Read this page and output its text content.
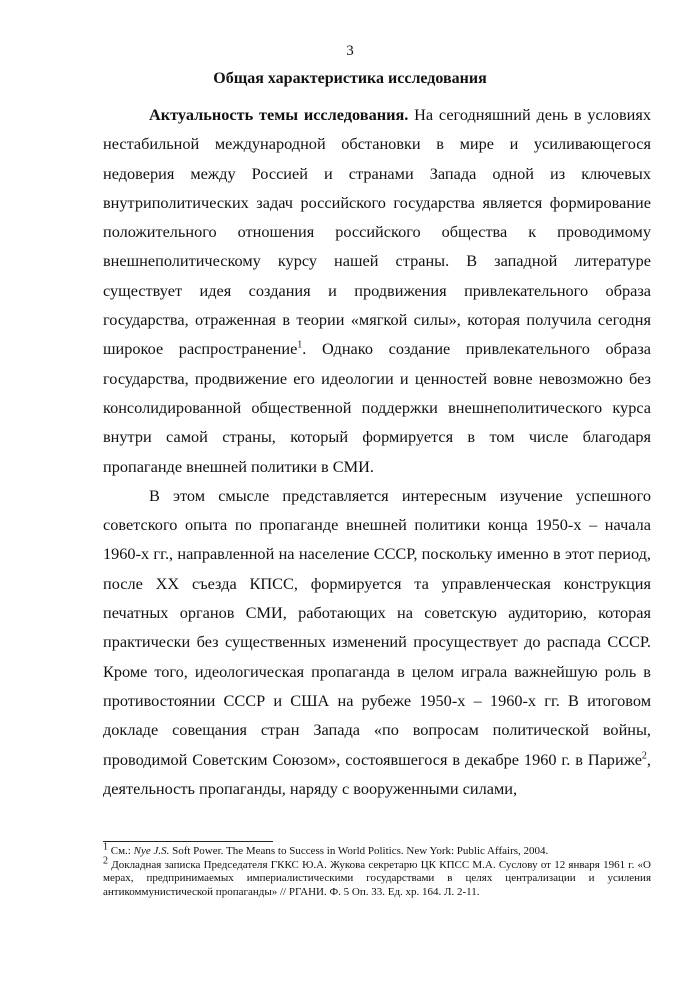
3
Общая характеристика исследования

Актуальность темы исследования. На сегодняшний день в условиях нестабильной международной обстановки в мире и усиливающегося недоверия между Россией и странами Запада одной из ключевых внутриполитических задач российского государства является формирование положительного отношения российского общества к проводимому внешнеполитическому курсу нашей страны. В западной литературе существует идея создания и продвижения привлекательного образа государства, отраженная в теории «мягкой силы», которая получила сегодня широкое распространение$^1$. Однако создание привлекательного образа государства, продвижение его идеологии и ценностей вовне невозможно без консолидированной общественной поддержки внешнеполитического курса внутри самой страны, который формируется в том числе благодаря пропаганде внешней политики в СМИ.

В этом смысле представляется интересным изучение успешного советского опыта по пропаганде внешней политики конца 1950-х – начала 1960-х гг., направленной на население СССР, поскольку именно в этот период, после XX съезда КПСС, формируется та управленческая конструкция печатных органов СМИ, работающих на советскую аудиторию, которая практически без существенных изменений просуществует до распада СССР. Кроме того, идеологическая пропаганда в целом играла важнейшую роль в противостоянии СССР и США на рубеже 1950-х – 1960-х гг. В итоговом докладе совещания стран Запада «по вопросам политической войны, проводимой Советским Союзом», состоявшегося в декабре 1960 г. в Париже$^2$, деятельность пропаганды, наряду с вооруженными силами,

$^1$ См.: Nye J.S. Soft Power. The Means to Success in World Politics. New York: Public Affairs, 2004.

$^2$ Докладная записка Председателя ГККС Ю.А. Жукова секретарю ЦК КПСС М.А. Суслову от 12 января 1961 г. «О мерах, предпринимаемых империалистическими государствами в целях централизации и усиления антикоммунистической пропаганды» // РГАНИ. Ф. 5 Оп. 33. Ед. хр. 164. Л. 2-11.
